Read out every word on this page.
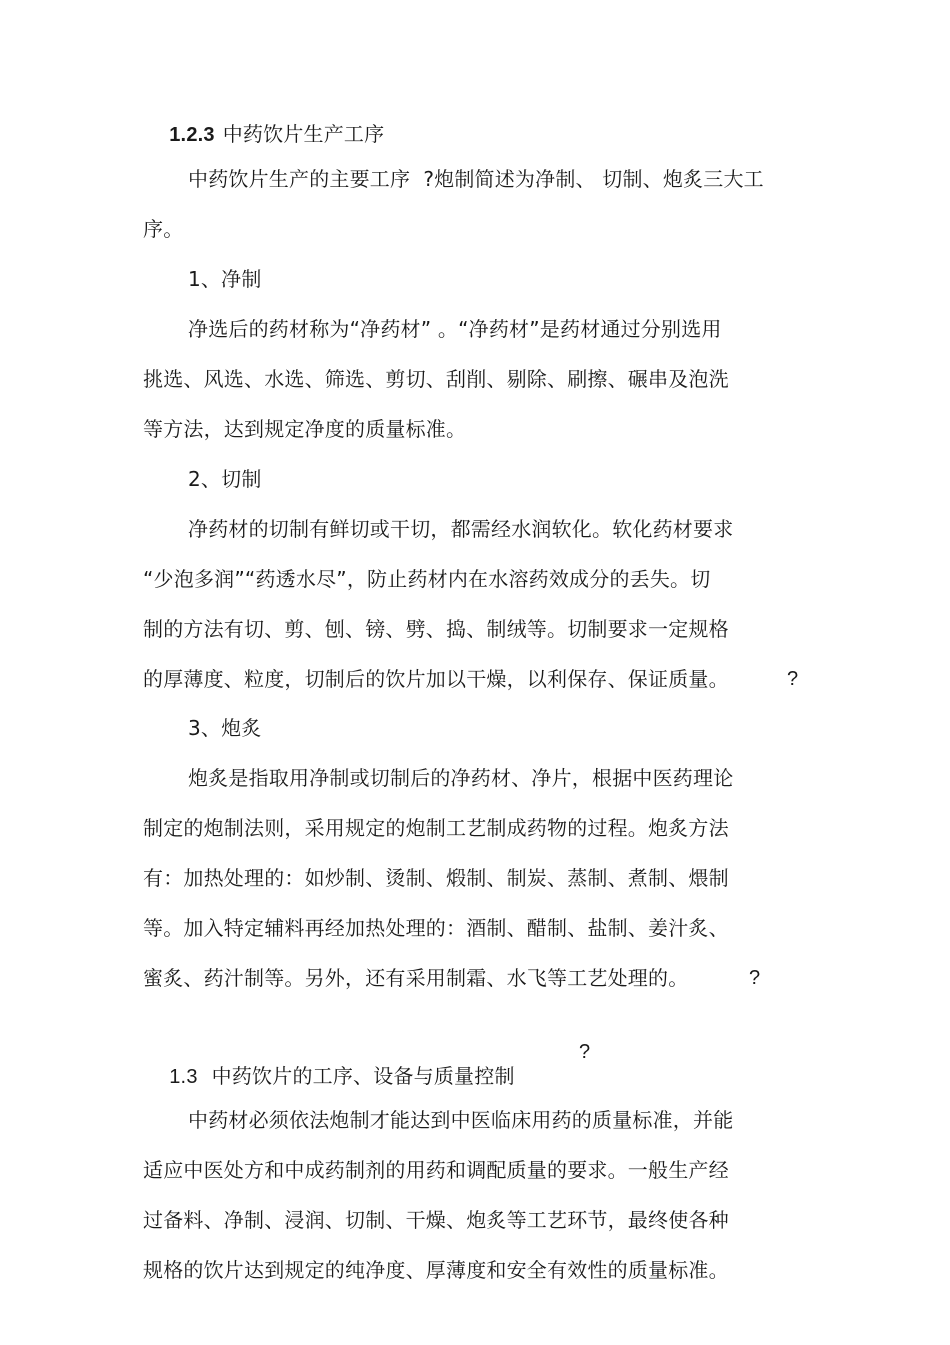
1.2.3 中药饮片生产工序

中药饮片生产的主要工序  ?炮制简述为净制、 切制、炮炙三大工
序。
1、净制
净选后的药材称为“净药材” 。“净药材”是药材通过分别选用
挑选、风选、水选、筛选、剪切、刮削、剔除、刷擦、碾串及泡洗
等方法，达到规定净度的质量标准。
2、切制
净药材的切制有鲜切或干切，都需经水润软化。软化药材要求
“少泡多润”“药透水尽”，防止药材内在水溶药效成分的丢失。切
制的方法有切、剪、刨、镑、劈、捣、制绒等。切制要求一定规格
的厚薄度、粒度，切制后的饮片加以干燥，以利保存、保证质量。	?
3、炮炙
炮炙是指取用净制或切制后的净药材、净片，根据中医药理论
制定的炮制法则，采用规定的炮制工艺制成药物的过程。炮炙方法
有：加热处理的：如炒制、烫制、煅制、制炭、蒸制、煮制、煨制
等。加入特定辅料再经加热处理的：酒制、醋制、盐制、姜汁炙、
蜜炙、药汁制等。另外，还有采用制霜、水飞等工艺处理的。	?

1.3 中药饮片的工序、设备与质量控制

?
中药材必须依法炮制才能达到中医临床用药的质量标准，并能
适应中医处方和中成药制剂的用药和调配质量的要求。一般生产经
过备料、净制、浸润、切制、干燥、炮炙等工艺环节，最终使各种
规格的饮片达到规定的纯净度、厚薄度和安全有效性的质量标准。
